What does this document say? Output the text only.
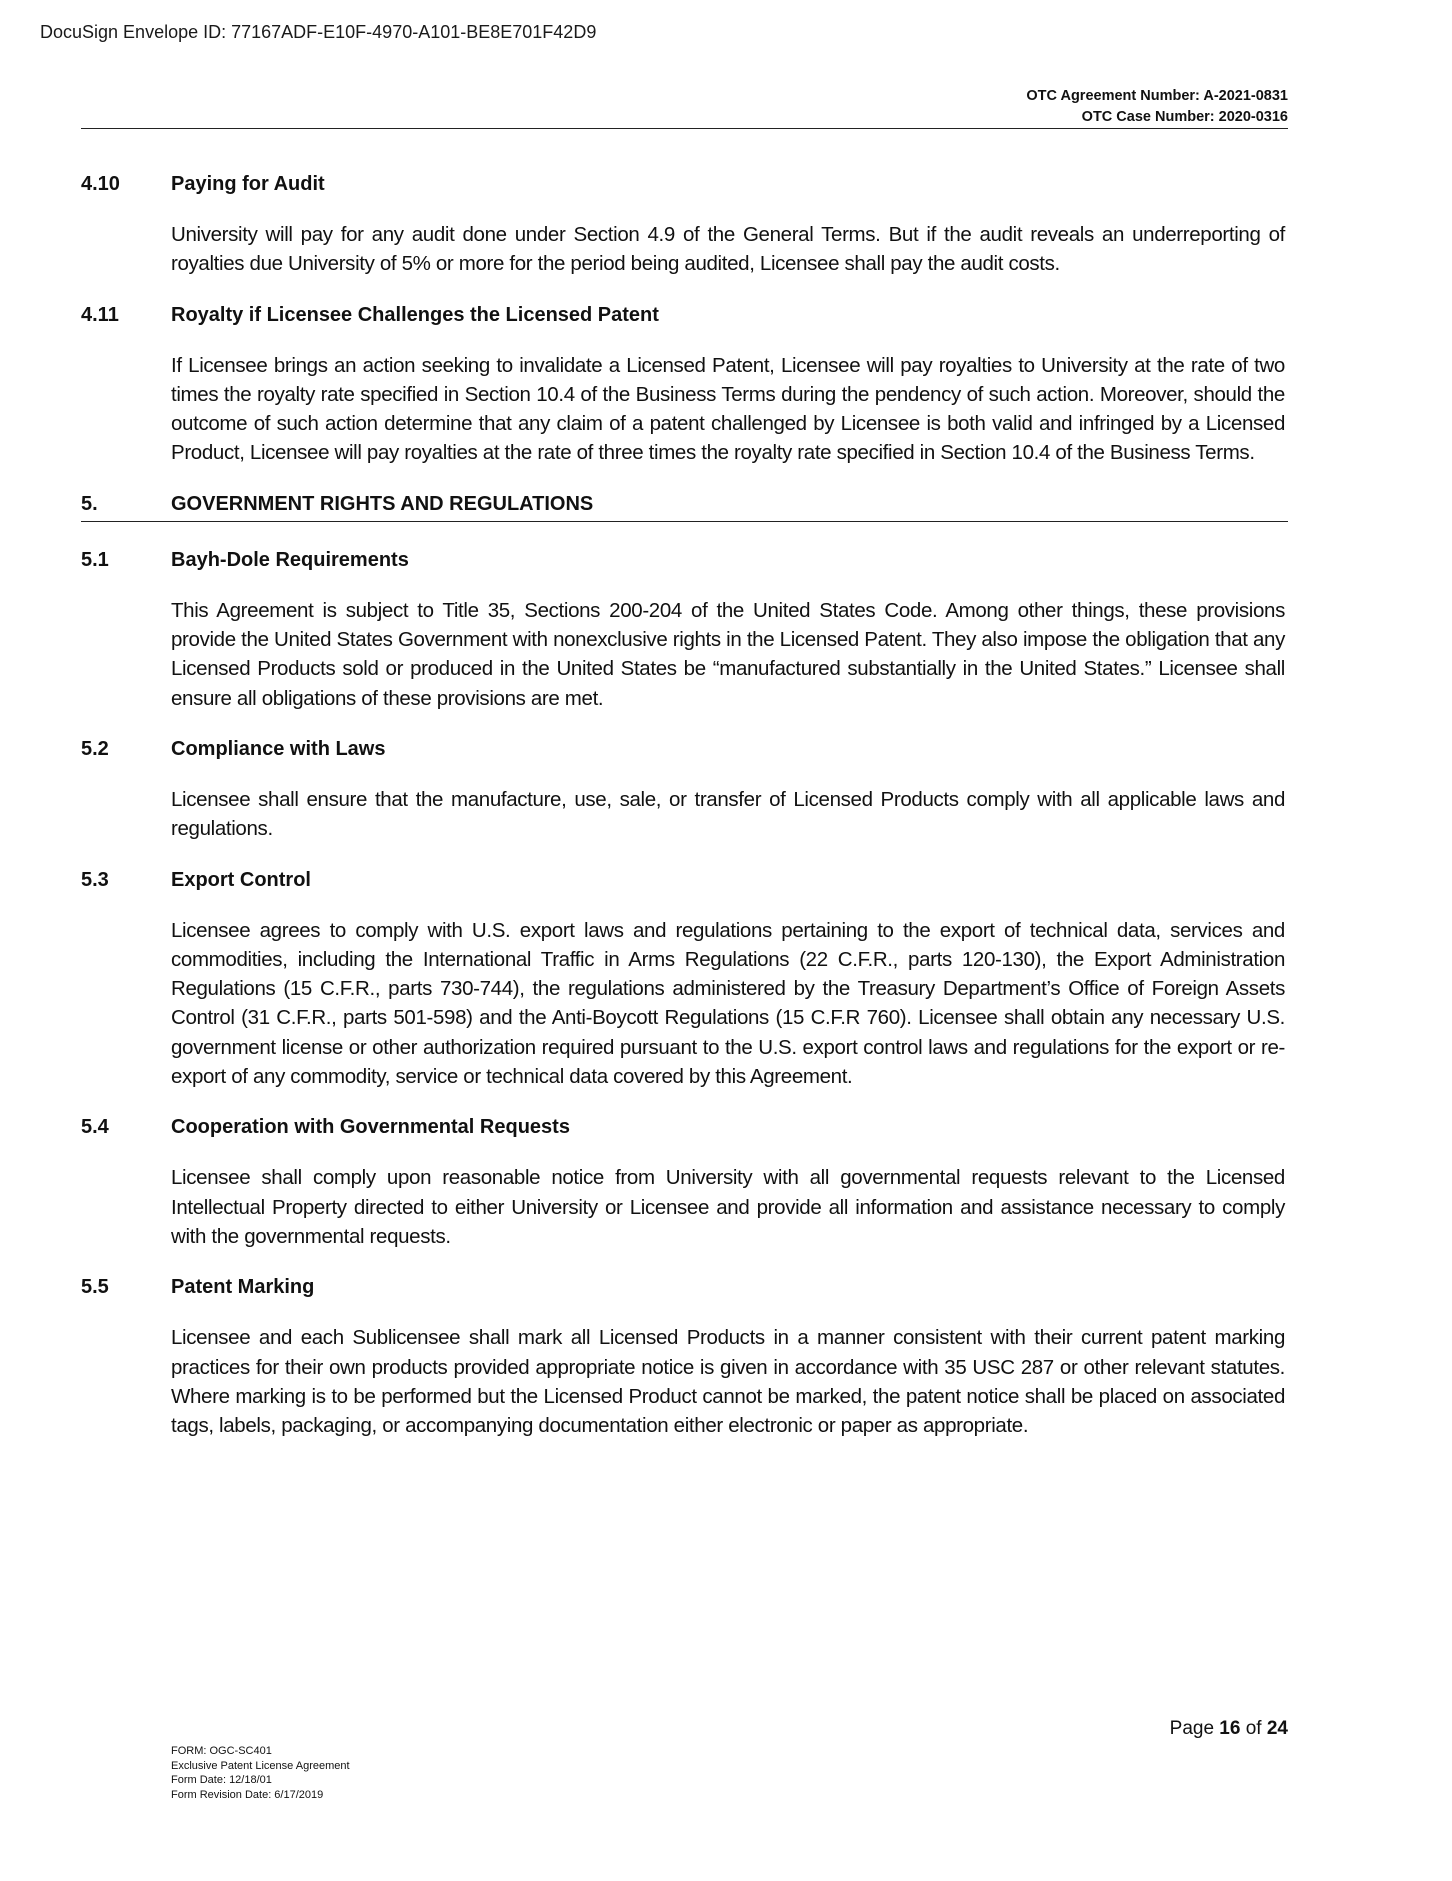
DocuSign Envelope ID: 77167ADF-E10F-4970-A101-BE8E701F42D9
OTC Agreement Number: A-2021-0831
OTC Case Number: 2020-0316
4.10	Paying for Audit
University will pay for any audit done under Section 4.9 of the General Terms. But if the audit reveals an underreporting of royalties due University of 5% or more for the period being audited, Licensee shall pay the audit costs.
4.11	Royalty if Licensee Challenges the Licensed Patent
If Licensee brings an action seeking to invalidate a Licensed Patent, Licensee will pay royalties to University at the rate of two times the royalty rate specified in Section 10.4 of the Business Terms during the pendency of such action. Moreover, should the outcome of such action determine that any claim of a patent challenged by Licensee is both valid and infringed by a Licensed Product, Licensee will pay royalties at the rate of three times the royalty rate specified in Section 10.4 of the Business Terms.
5.	GOVERNMENT RIGHTS AND REGULATIONS
5.1	Bayh-Dole Requirements
This Agreement is subject to Title 35, Sections 200-204 of the United States Code. Among other things, these provisions provide the United States Government with nonexclusive rights in the Licensed Patent. They also impose the obligation that any Licensed Products sold or produced in the United States be “manufactured substantially in the United States.” Licensee shall ensure all obligations of these provisions are met.
5.2	Compliance with Laws
Licensee shall ensure that the manufacture, use, sale, or transfer of Licensed Products comply with all applicable laws and regulations.
5.3	Export Control
Licensee agrees to comply with U.S. export laws and regulations pertaining to the export of technical data, services and commodities, including the International Traffic in Arms Regulations (22 C.F.R., parts 120-130), the Export Administration Regulations (15 C.F.R., parts 730-744), the regulations administered by the Treasury Department’s Office of Foreign Assets Control (31 C.F.R., parts 501-598) and the Anti-Boycott Regulations (15 C.F.R 760). Licensee shall obtain any necessary U.S. government license or other authorization required pursuant to the U.S. export control laws and regulations for the export or re-export of any commodity, service or technical data covered by this Agreement.
5.4	Cooperation with Governmental Requests
Licensee shall comply upon reasonable notice from University with all governmental requests relevant to the Licensed Intellectual Property directed to either University or Licensee and provide all information and assistance necessary to comply with the governmental requests.
5.5	Patent Marking
Licensee and each Sublicensee shall mark all Licensed Products in a manner consistent with their current patent marking practices for their own products provided appropriate notice is given in accordance with 35 USC 287 or other relevant statutes. Where marking is to be performed but the Licensed Product cannot be marked, the patent notice shall be placed on associated tags, labels, packaging, or accompanying documentation either electronic or paper as appropriate.
FORM: OGC-SC401
Exclusive Patent License Agreement
Form Date: 12/18/01
Form Revision Date: 6/17/2019
Page 16 of 24
